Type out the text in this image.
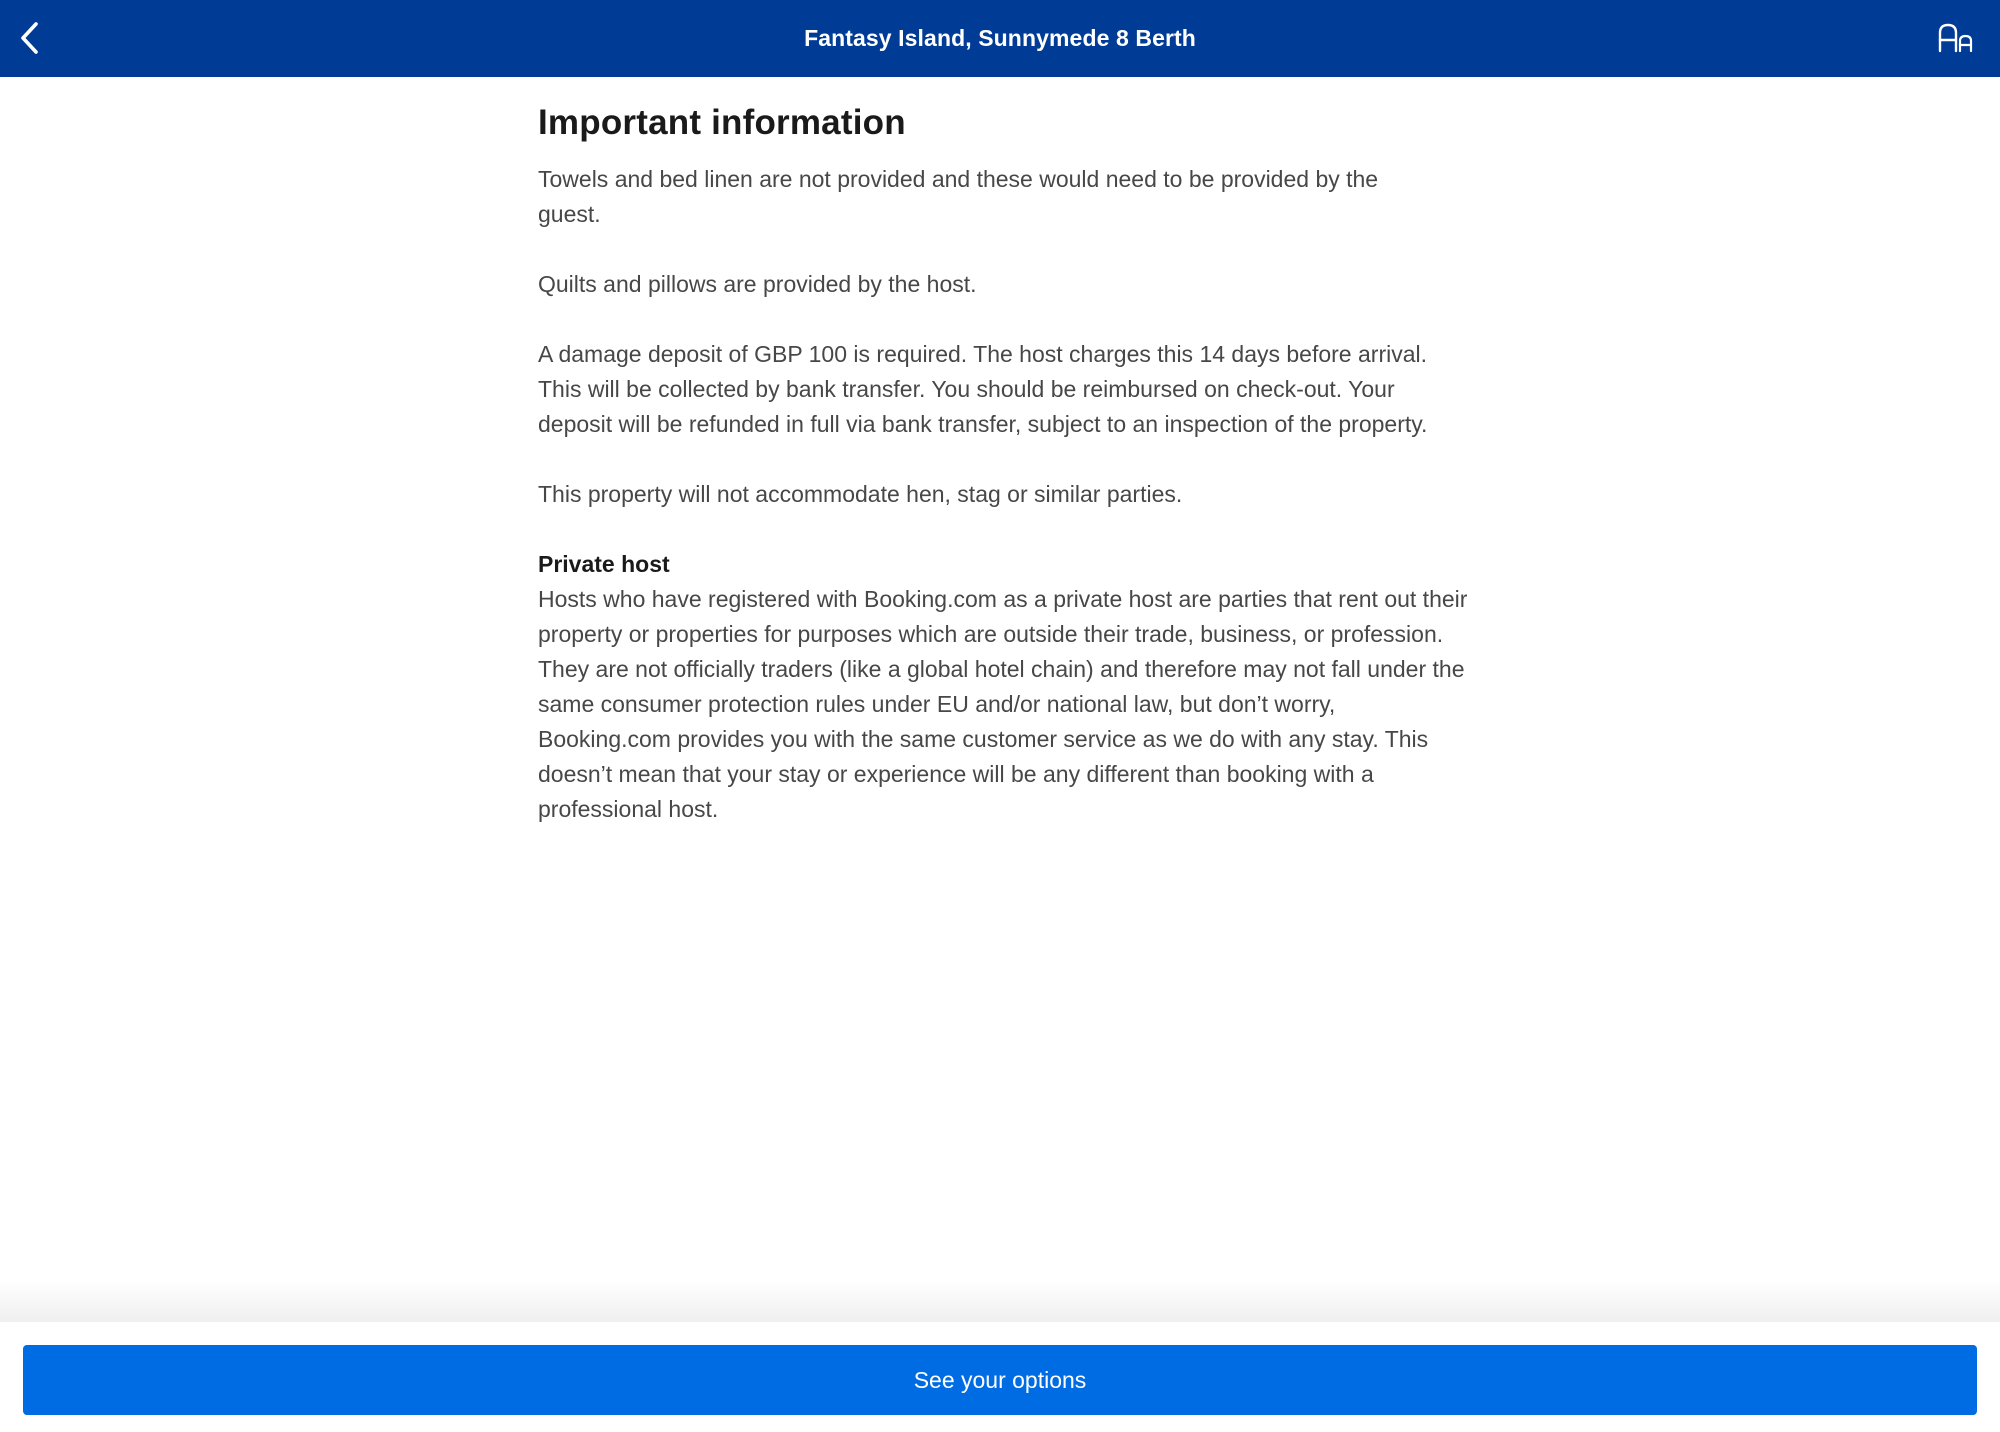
Fantasy Island, Sunnymede 8 Berth
Important information

Towels and bed linen are not provided and these would need to be provided by the guest.

Quilts and pillows are provided by the host.

A damage deposit of GBP 100 is required. The host charges this 14 days before arrival. This will be collected by bank transfer. You should be reimbursed on check-out. Your deposit will be refunded in full via bank transfer, subject to an inspection of the property.

This property will not accommodate hen, stag or similar parties.

Private host

Hosts who have registered with Booking.com as a private host are parties that rent out their property or properties for purposes which are outside their trade, business, or profession. They are not officially traders (like a global hotel chain) and therefore may not fall under the same consumer protection rules under EU and/or national law, but don’t worry, Booking.com provides you with the same customer service as we do with any stay. This doesn’t mean that your stay or experience will be any different than booking with a professional host.

See your options
